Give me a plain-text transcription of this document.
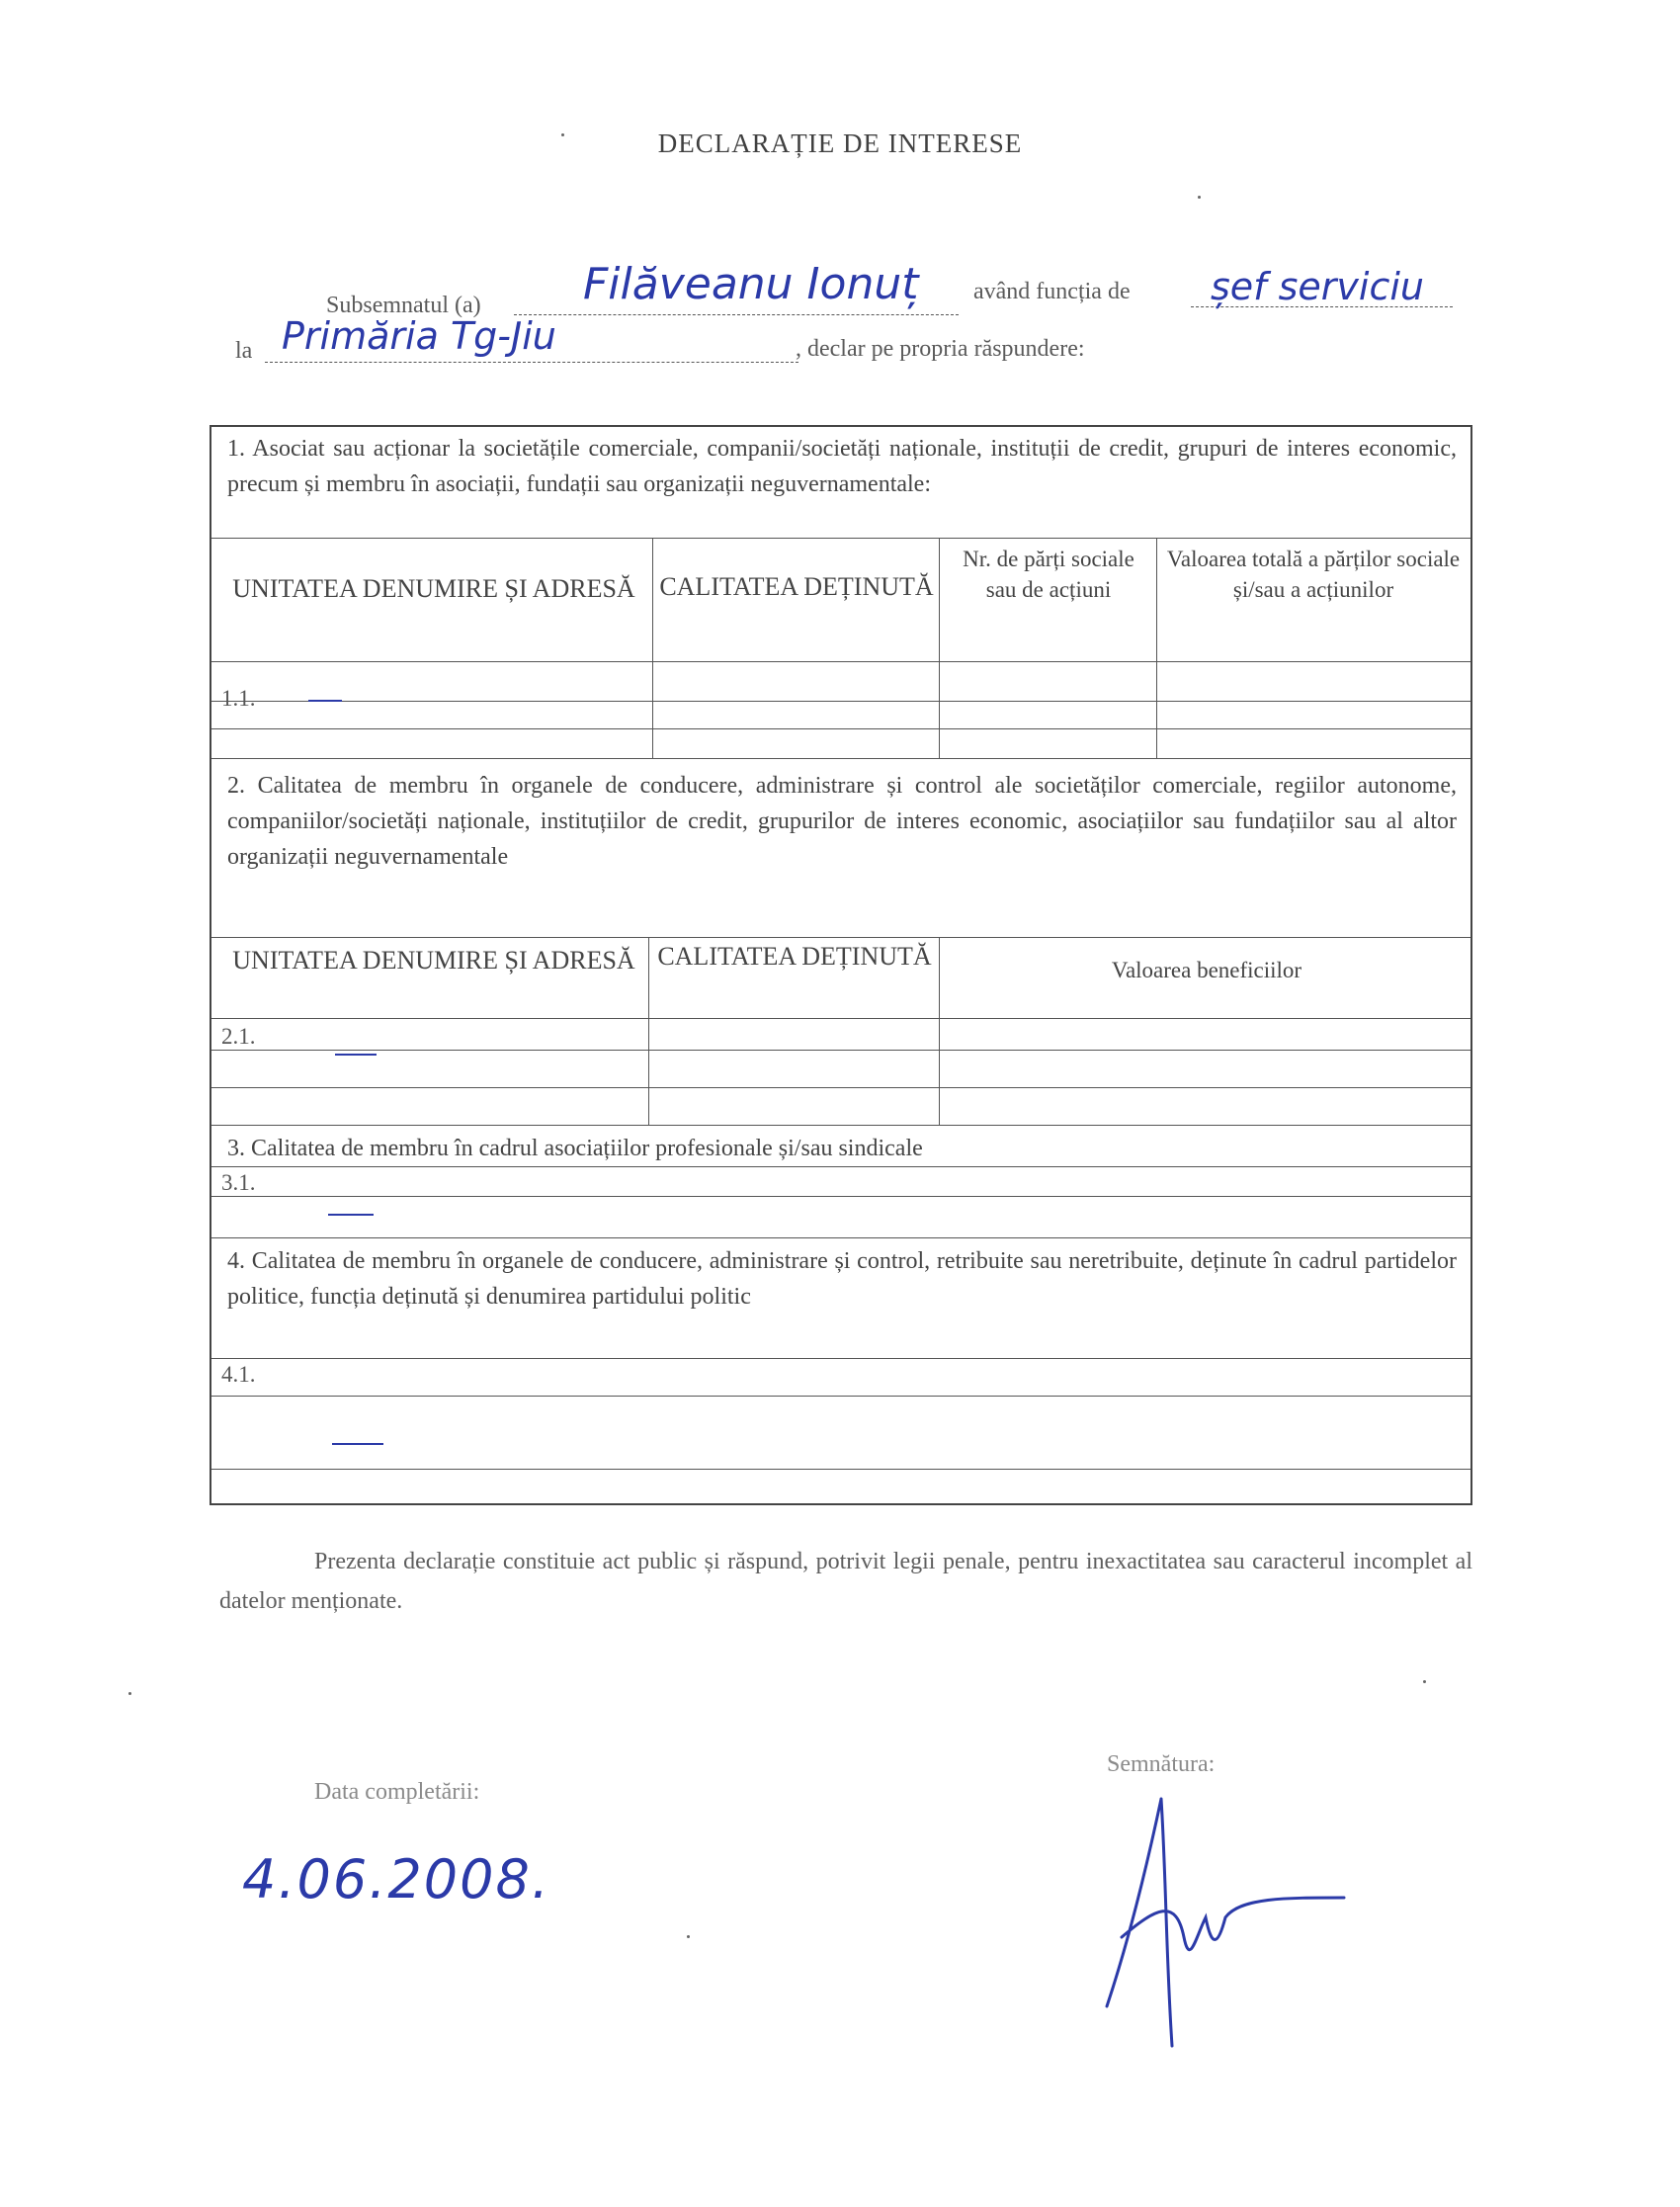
DECLARAȚIE DE INTERESE
Subsemnatul (a) Filăveanu Ionuț având funcția de șef serviciu
la Primăria Tg-Jiu	, declar pe propria răspundere:
1. Asociat sau acționar la societățile comerciale, companii/societăți naționale, instituții de credit, grupuri de interes economic, precum și membru în asociații, fundații sau organizații neguvernamentale:
UNITATEA DENUMIRE ȘI ADRESĂ CALITATEA DEȚINUTĂ
Nr. de părți sociale sau de acțiuni
Valoarea totală a părților sociale și/sau a acțiunilor
1.1.
2. Calitatea de membru în organele de conducere, administrare și control ale societăților comerciale, regiilor autonome, companiilor/societăți naționale, instituțiilor de credit, grupurilor de interes economic, asociațiilor sau fundațiilor sau al altor organizații neguvernamentale
UNITATEA DENUMIRE ȘI ADRESĂ CALITATEA DEȚINUTĂ	Valoarea beneficiilor
2.1.
3. Calitatea de membru în cadrul asociațiilor profesionale și/sau sindicale
3.1.
4. Calitatea de membru în organele de conducere, administrare și control, retribuite sau neretribuite, deținute în cadrul partidelor politice, funcția deținută și denumirea partidului politic
4.1.
Prezenta declarație constituie act public și răspund, potrivit legii penale, pentru inexactitatea sau caracterul incomplet al datelor menționate.
Data completării:
4.06.2008.
Semnătura:
